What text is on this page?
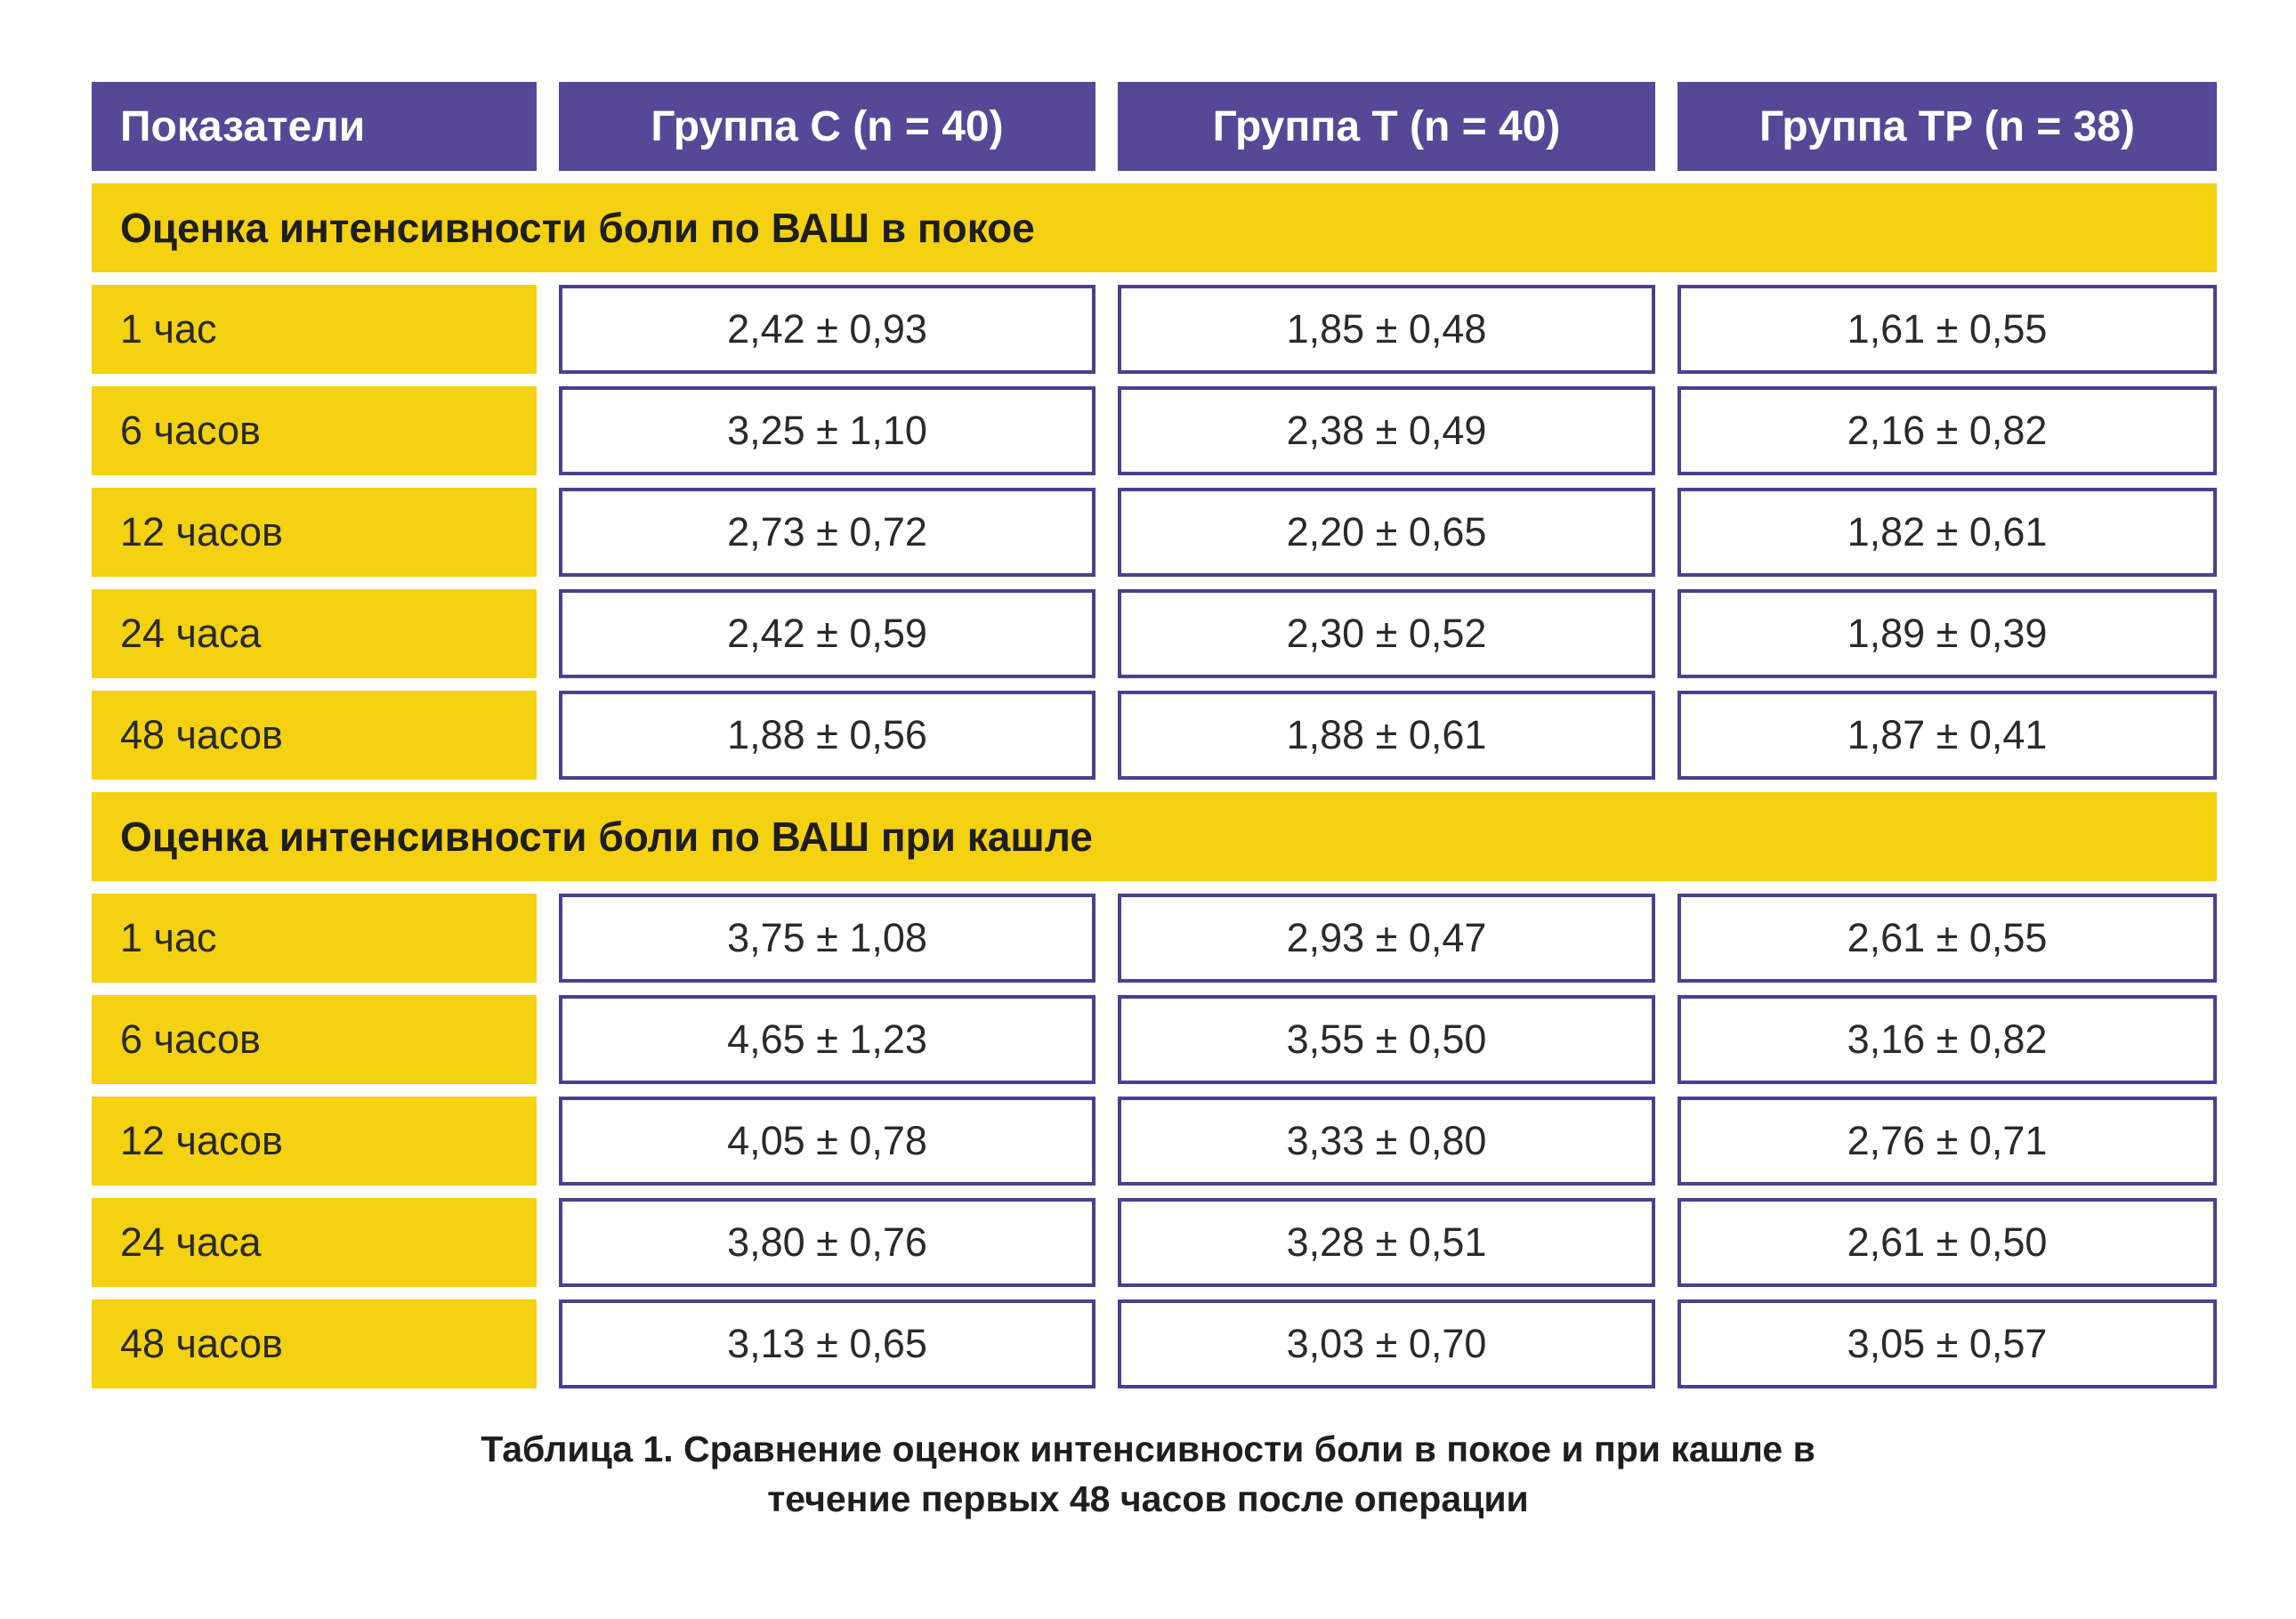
Показатели	Группа C (n = 40)	Группа T (n = 40)	Группа TP (n = 38)
Оценка интенсивности боли по ВАШ в покое
1 час	2,42 ± 0,93	1,85 ± 0,48	1,61 ± 0,55
6 часов	3,25 ± 1,10	2,38 ± 0,49	2,16 ± 0,82
12 часов	2,73 ± 0,72	2,20 ± 0,65	1,82 ± 0,61
24 часа	2,42 ± 0,59	2,30 ± 0,52	1,89 ± 0,39
48 часов	1,88 ± 0,56	1,88 ± 0,61	1,87 ± 0,41
Оценка интенсивности боли по ВАШ при кашле
1 час	3,75 ± 1,08	2,93 ± 0,47	2,61 ± 0,55
6 часов	4,65 ± 1,23	3,55 ± 0,50	3,16 ± 0,82
12 часов	4,05 ± 0,78	3,33 ± 0,80	2,76 ± 0,71
24 часа	3,80 ± 0,76	3,28 ± 0,51	2,61 ± 0,50
48 часов	3,13 ± 0,65	3,03 ± 0,70	3,05 ± 0,57
Таблица 1. Сравнение оценок интенсивности боли в покое и при кашле в
течение первых 48 часов после операции
